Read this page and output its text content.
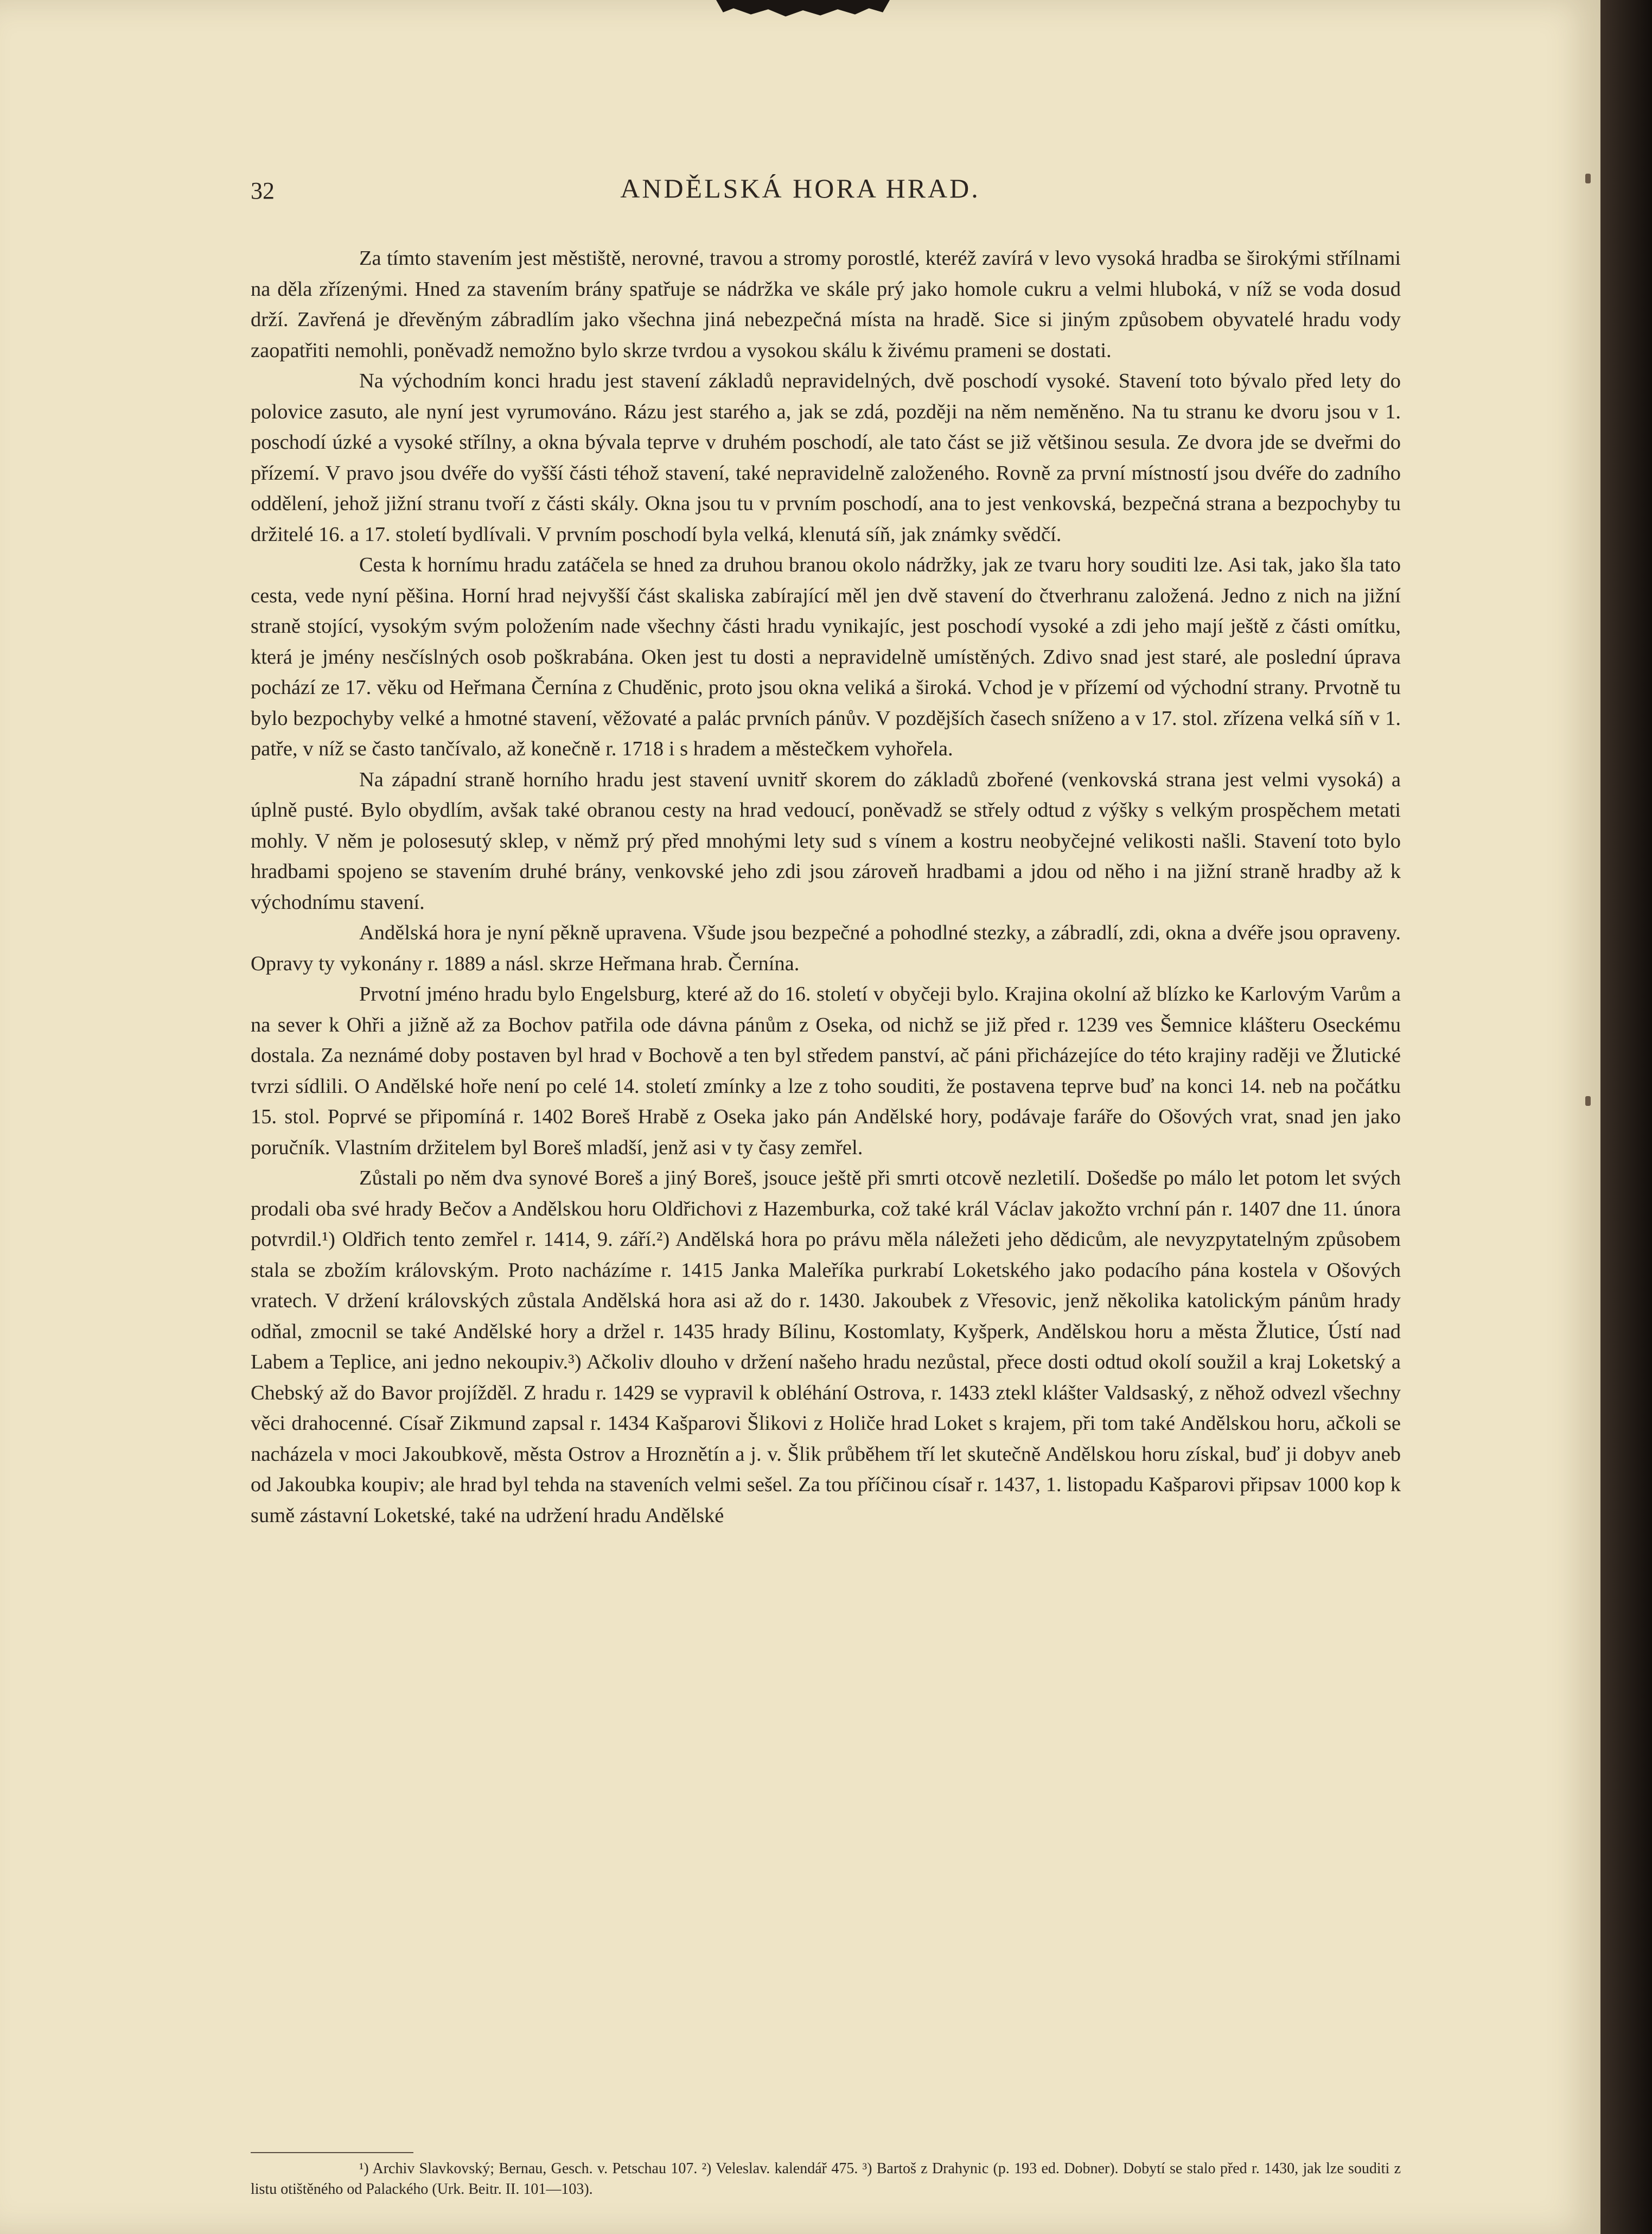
32	ANDĚLSKÁ HORA HRAD.

Za tímto stavením jest městiště, nerovné, travou a stromy porostlé, kteréž zavírá v levo vysoká hradba se širokými střílnami na děla zřízenými. Hned za stavením brány spatřuje se nádržka ve skále prý jako homole cukru a velmi hluboká, v níž se voda dosud drží. Zavřená je dřevěným zábradlím jako všechna jiná nebezpečná místa na hradě. Sice si jiným způsobem obyvatelé hradu vody zaopatřiti nemohli, poněvadž nemožno bylo skrze tvrdou a vysokou skálu k živému prameni se dostati.

Na východním konci hradu jest stavení základů nepravidelných, dvě poschodí vysoké. Stavení toto bývalo před lety do polovice zasuto, ale nyní jest vyrumováno. Rázu jest starého a, jak se zdá, později na něm neměněno. Na tu stranu ke dvoru jsou v 1. poschodí úzké a vysoké střílny, a okna bývala teprve v druhém poschodí, ale tato část se již většinou sesula. Ze dvora jde se dveřmi do přízemí. V pravo jsou dvéře do vyšší části téhož stavení, také nepravidelně založeného. Rovně za první místností jsou dvéře do zadního oddělení, jehož jižní stranu tvoří z části skály. Okna jsou tu v prvním poschodí, ana to jest venkovská, bezpečná strana a bezpochyby tu držitelé 16. a 17. století bydlívali. V prvním poschodí byla velká, klenutá síň, jak známky svědčí.

Cesta k hornímu hradu zatáčela se hned za druhou branou okolo nádržky, jak ze tvaru hory souditi lze. Asi tak, jako šla tato cesta, vede nyní pěšina. Horní hrad nejvyšší část skaliska zabírající měl jen dvě stavení do čtverhranu založená. Jedno z nich na jižní straně stojící, vysokým svým položením nade všechny části hradu vynikajíc, jest poschodí vysoké a zdi jeho mají ještě z části omítku, která je jmény nesčíslných osob poškrabána. Oken jest tu dosti a nepravidelně umístěných. Zdivo snad jest staré, ale poslední úprava pochází ze 17. věku od Heřmana Černína z Chuděnic, proto jsou okna veliká a široká. Vchod je v přízemí od východní strany. Prvotně tu bylo bezpochyby velké a hmotné stavení, věžovaté a palác prvních pánův. V pozdějších časech sníženo a v 17. stol. zřízena velká síň v 1. patře, v níž se často tančívalo, až konečně r. 1718 i s hradem a městečkem vyhořela.

Na západní straně horního hradu jest stavení uvnitř skorem do základů zbořené (venkovská strana jest velmi vysoká) a úplně pusté. Bylo obydlím, avšak také obranou cesty na hrad vedoucí, poněvadž se střely odtud z výšky s velkým prospěchem metati mohly. V něm je polosesutý sklep, v němž prý před mnohými lety sud s vínem a kostru neobyčejné velikosti našli. Stavení toto bylo hradbami spojeno se stavením druhé brány, venkovské jeho zdi jsou zároveň hradbami a jdou od něho i na jižní straně hradby až k východnímu stavení.

Andělská hora je nyní pěkně upravena. Všude jsou bezpečné a pohodlné stezky, a zábradlí, zdi, okna a dvéře jsou opraveny. Opravy ty vykonány r. 1889 a násl. skrze Heřmana hrab. Černína.

Prvotní jméno hradu bylo Engelsburg, které až do 16. století v obyčeji bylo. Krajina okolní až blízko ke Karlovým Varům a na sever k Ohři a jižně až za Bochov patřila ode dávna pánům z Oseka, od nichž se již před r. 1239 ves Šemnice klášteru Oseckému dostala. Za neznámé doby postaven byl hrad v Bochově a ten byl středem panství, ač páni přicházejíce do této krajiny raději ve Žlutické tvrzi sídlili. O Andělské hoře není po celé 14. století zmínky a lze z toho souditi, že postavena teprve buď na konci 14. neb na počátku 15. stol. Poprvé se připomíná r. 1402 Boreš Hrabě z Oseka jako pán Andělské hory, podávaje faráře do Ošových vrat, snad jen jako poručník. Vlastním držitelem byl Boreš mladší, jenž asi v ty časy zemřel.

Zůstali po něm dva synové Boreš a jiný Boreš, jsouce ještě při smrti otcově nezletilí. Došedše po málo let potom let svých prodali oba své hrady Bečov a Andělskou horu Oldřichovi z Hazemburka, což také král Václav jakožto vrchní pán r. 1407 dne 11. února potvrdil.¹) Oldřich tento zemřel r. 1414, 9. září.²) Andělská hora po právu měla náležeti jeho dědicům, ale nevyzpytatelným způsobem stala se zbožím královským. Proto nacházíme r. 1415 Janka Maleříka purkrabí Loketského jako podacího pána kostela v Ošových vratech. V držení královských zůstala Andělská hora asi až do r. 1430. Jakoubek z Vřesovic, jenž několika katolickým pánům hrady odňal, zmocnil se také Andělské hory a držel r. 1435 hrady Bílinu, Kostomlaty, Kyšperk, Andělskou horu a města Žlutice, Ústí nad Labem a Teplice, ani jedno nekoupiv.³) Ačkoliv dlouho v držení našeho hradu nezůstal, přece dosti odtud okolí soužil a kraj Loketský a Chebský až do Bavor projížděl. Z hradu r. 1429 se vypravil k obléhání Ostrova, r. 1433 ztekl klášter Valdsaský, z něhož odvezl všechny věci drahocenné. Císař Zikmund zapsal r. 1434 Kašparovi Šlikovi z Holiče hrad Loket s krajem, při tom také Andělskou horu, ačkoli se nacházela v moci Jakoubkově, města Ostrov a Hroznětín a j. v. Šlik průběhem tří let skutečně Andělskou horu získal, buď ji dobyv aneb od Jakoubka koupiv; ale hrad byl tehda na staveních velmi sešel. Za tou příčinou císař r. 1437, 1. listopadu Kašparovi připsav 1000 kop k sumě zástavní Loketské, také na udržení hradu Andělské

¹) Archiv Slavkovský; Bernau, Gesch. v. Petschau 107. ²) Veleslav. kalendář 475. ³) Bartoš z Drahynic (p. 193 ed. Dobner). Dobytí se stalo před r. 1430, jak lze souditi z listu otištěného od Palackého (Urk. Beitr. II. 101—103).
